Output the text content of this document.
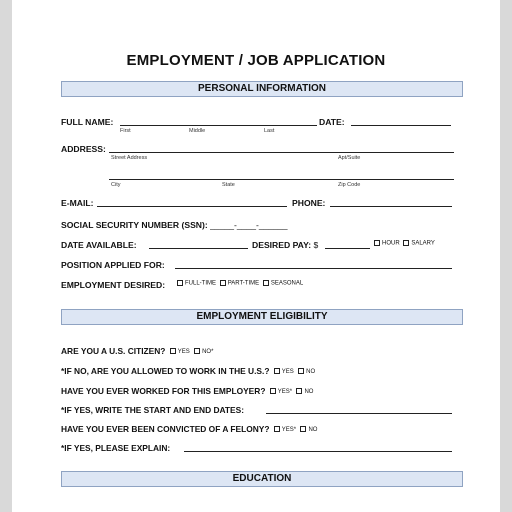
EMPLOYMENT / JOB APPLICATION
PERSONAL INFORMATION
FULL NAME:
First	Middle	Last
DATE:
ADDRESS:
Street Address	Apt/Suite
City	State	Zip Code
E-MAIL:	PHONE:
SOCIAL SECURITY NUMBER (SSN): _____-____-______
DATE AVAILABLE:	DESIRED PAY: $	HOUR SALARY
POSITION APPLIED FOR:
EMPLOYMENT DESIRED:	FULL-TIME PART-TIME SEASONAL
EMPLOYMENT ELIGIBILITY
ARE YOU A U.S. CITIZEN? YES NO*
*IF NO, ARE YOU ALLOWED TO WORK IN THE U.S.? YES NO
HAVE YOU EVER WORKED FOR THIS EMPLOYER? YES* NO
*IF YES, WRITE THE START AND END DATES:
HAVE YOU EVER BEEN CONVICTED OF A FELONY? YES* NO
*IF YES, PLEASE EXPLAIN:
EDUCATION
